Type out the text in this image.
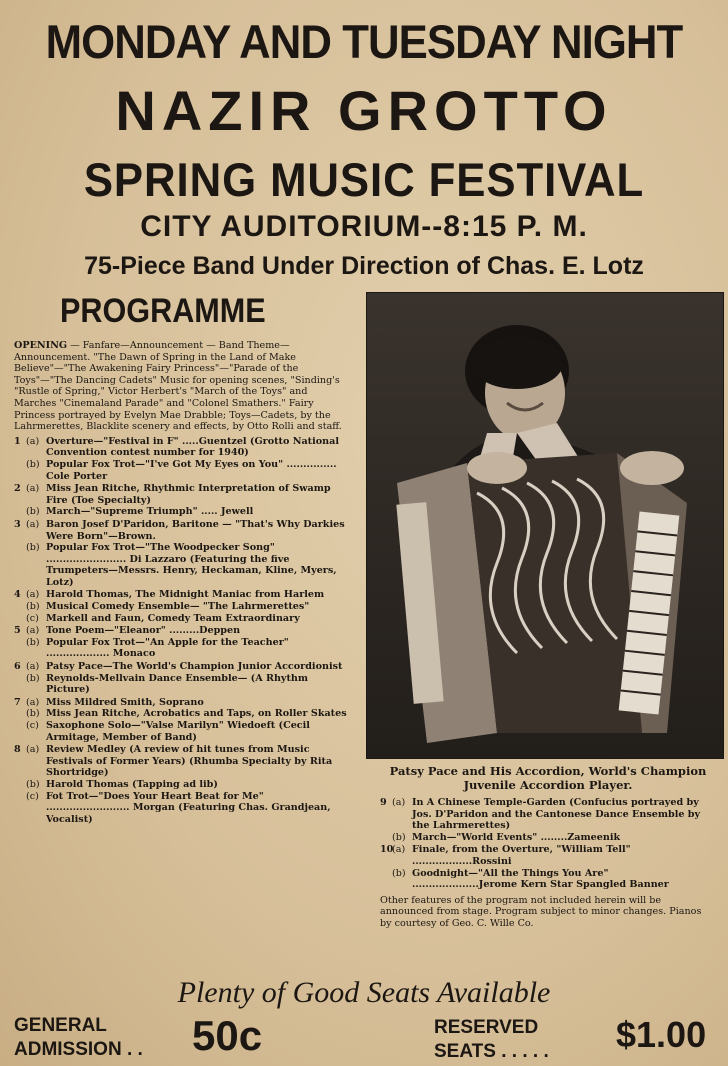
MONDAY AND TUESDAY NIGHT
NAZIR GROTTO
SPRING MUSIC FESTIVAL
CITY AUDITORIUM--8:15 P. M.
75-Piece Band Under Direction of Chas. E. Lotz
PROGRAMME

OPENING — Fanfare—Announcement — Band Theme—Announcement. "The Dawn of Spring in the Land of Make Believe"—"The Awakening Fairy Princess"—"Parade of the Toys"—"The Dancing Cadets" Music for opening scenes, "Sinding's "Rustle of Spring," Victor Herbert's "March of the Toys" and Marches "Cinemaland Parade" and "Colonel Smathers." Fairy Princess portrayed by Evelyn Mae Drabble; Toys—Cadets, by the Lahrmerettes, Blacklite scenery and effects, by Otto Rolli and staff.

1 (a) Overture—"Festival in F" .....Guentzel (Grotto National Convention contest number for 1940)
(b) Popular Fox Trot—"I've Got My Eyes on You" ............... Cole Porter
2 (a) Miss Jean Ritche, Rhythmic Interpretation of Swamp Fire (Toe Specialty)
(b) March—"Supreme Triumph" ..... Jewell
3 (a) Baron Josef D'Paridon, Baritone — "That's Why Darkies Were Born"—Brown.
(b) Popular Fox Trot—"The Woodpecker Song" ........................ Di Lazzaro (Featuring the five Trumpeters—Messrs. Henry, Heckaman, Kline, Myers, Lotz)
4 (a) Harold Thomas, The Midnight Maniac from Harlem
(b) Musical Comedy Ensemble— "The Lahrmerettes"
(c) Markell and Faun, Comedy Team Extraordinary
5 (a) Tone Poem—"Eleanor" .........Deppen
(b) Popular Fox Trot—"An Apple for the Teacher" ................... Monaco
6 (a) Patsy Pace—The World's Champion Junior Accordionist
(b) Reynolds-Mellvain Dance Ensemble— (A Rhythm Picture)
7 (a) Miss Mildred Smith, Soprano
(b) Miss Jean Ritche, Acrobatics and Taps, on Roller Skates
(c) Saxophone Solo—"Valse Marilyn" Wiedoeft (Cecil Armitage, Member of Band)
8 (a) Review Medley (A review of hit tunes from Music Festivals of Former Years) (Rhumba Specialty by Rita Shortridge)
(b) Harold Thomas (Tapping ad lib)
(c) Fot Trot—"Does Your Heart Beat for Me" ......................... Morgan (Featuring Chas. Grandjean, Vocalist)
Patsy Pace and His Accordion, World's Champion Juvenile Accordion Player.
9 (a) In A Chinese Temple-Garden (Confucius portrayed by Jos. D'Paridon and the Cantonese Dance Ensemble by the Lahrmerettes)
(b) March—"World Events" ........Zameenik
10
(a) Finale, from the Overture, "William Tell" ..................Rossini
(b) Goodnight—"All the Things You Are" ....................Jerome Kern Star Spangled Banner

Other features of the program not included herein will be announced from stage. Program subject to minor changes. Pianos by courtesy of Geo. C. Wille Co.

Plenty of Good Seats Available
GENERAL
ADMISSION . . 50c	RESERVED
SEATS . . . . . $1.00
